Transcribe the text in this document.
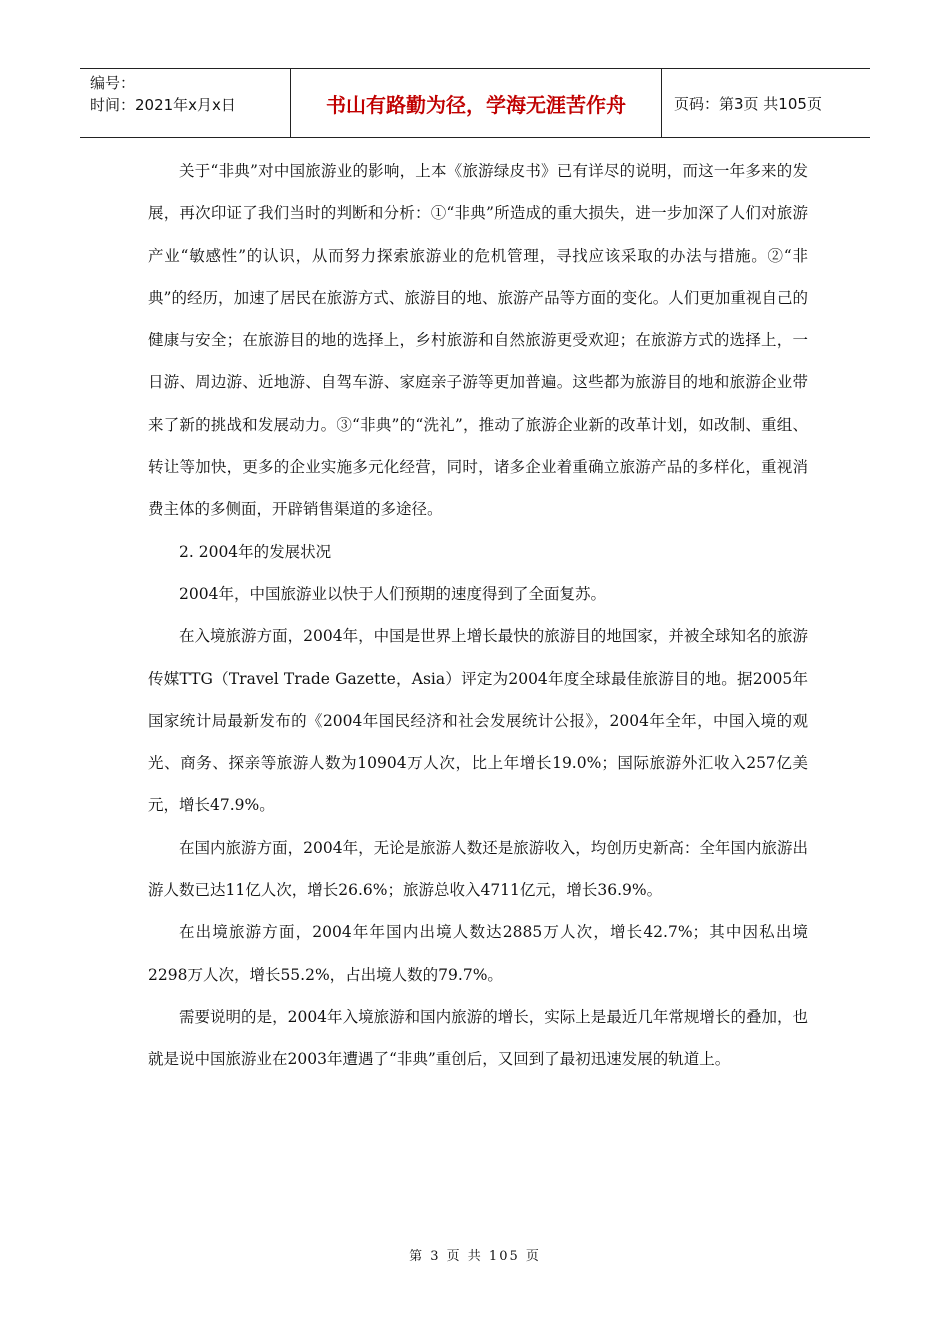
编号：
时间：2021年x月x日	书山有路勤为径，学海无涯苦作舟	页码：第3页 共105页

关于“非典”对中国旅游业的影响，上本《旅游绿皮书》已有详尽的说明，而这一年多来的发展，再次印证了我们当时的判断和分析：①“非典”所造成的重大损失，进一步加深了人们对旅游产业“敏感性”的认识，从而努力探索旅游业的危机管理，寻找应该采取的办法与措施。②“非典”的经历，加速了居民在旅游方式、旅游目的地、旅游产品等方面的变化。人们更加重视自己的健康与安全；在旅游目的地的选择上，乡村旅游和自然旅游更受欢迎；在旅游方式的选择上，一日游、周边游、近地游、自驾车游、家庭亲子游等更加普遍。这些都为旅游目的地和旅游企业带来了新的挑战和发展动力。③“非典”的“洗礼”，推动了旅游企业新的改革计划，如改制、重组、转让等加快，更多的企业实施多元化经营，同时，诸多企业着重确立旅游产品的多样化，重视消费主体的多侧面，开辟销售渠道的多途径。

2. 2004年的发展状况

2004年，中国旅游业以快于人们预期的速度得到了全面复苏。

在入境旅游方面，2004年，中国是世界上增长最快的旅游目的地国家，并被全球知名的旅游传媒TTG（Travel Trade Gazette，Asia）评定为2004年度全球最佳旅游目的地。据2005年国家统计局最新发布的《2004年国民经济和社会发展统计公报》，2004年全年，中国入境的观光、商务、探亲等旅游人数为10904万人次，比上年增长19.0%；国际旅游外汇收入257亿美元，增长47.9%。

在国内旅游方面，2004年，无论是旅游人数还是旅游收入，均创历史新高：全年国内旅游出游人数已达11亿人次，增长26.6%；旅游总收入4711亿元，增长36.9%。

在出境旅游方面，2004年年国内出境人数达2885万人次，增长42.7%；其中因私出境2298万人次，增长55.2%，占出境人数的79.7%。

需要说明的是，2004年入境旅游和国内旅游的增长，实际上是最近几年常规增长的叠加，也就是说中国旅游业在2003年遭遇了“非典”重创后，又回到了最初迅速发展的轨道上。

第 3 页 共 105 页
